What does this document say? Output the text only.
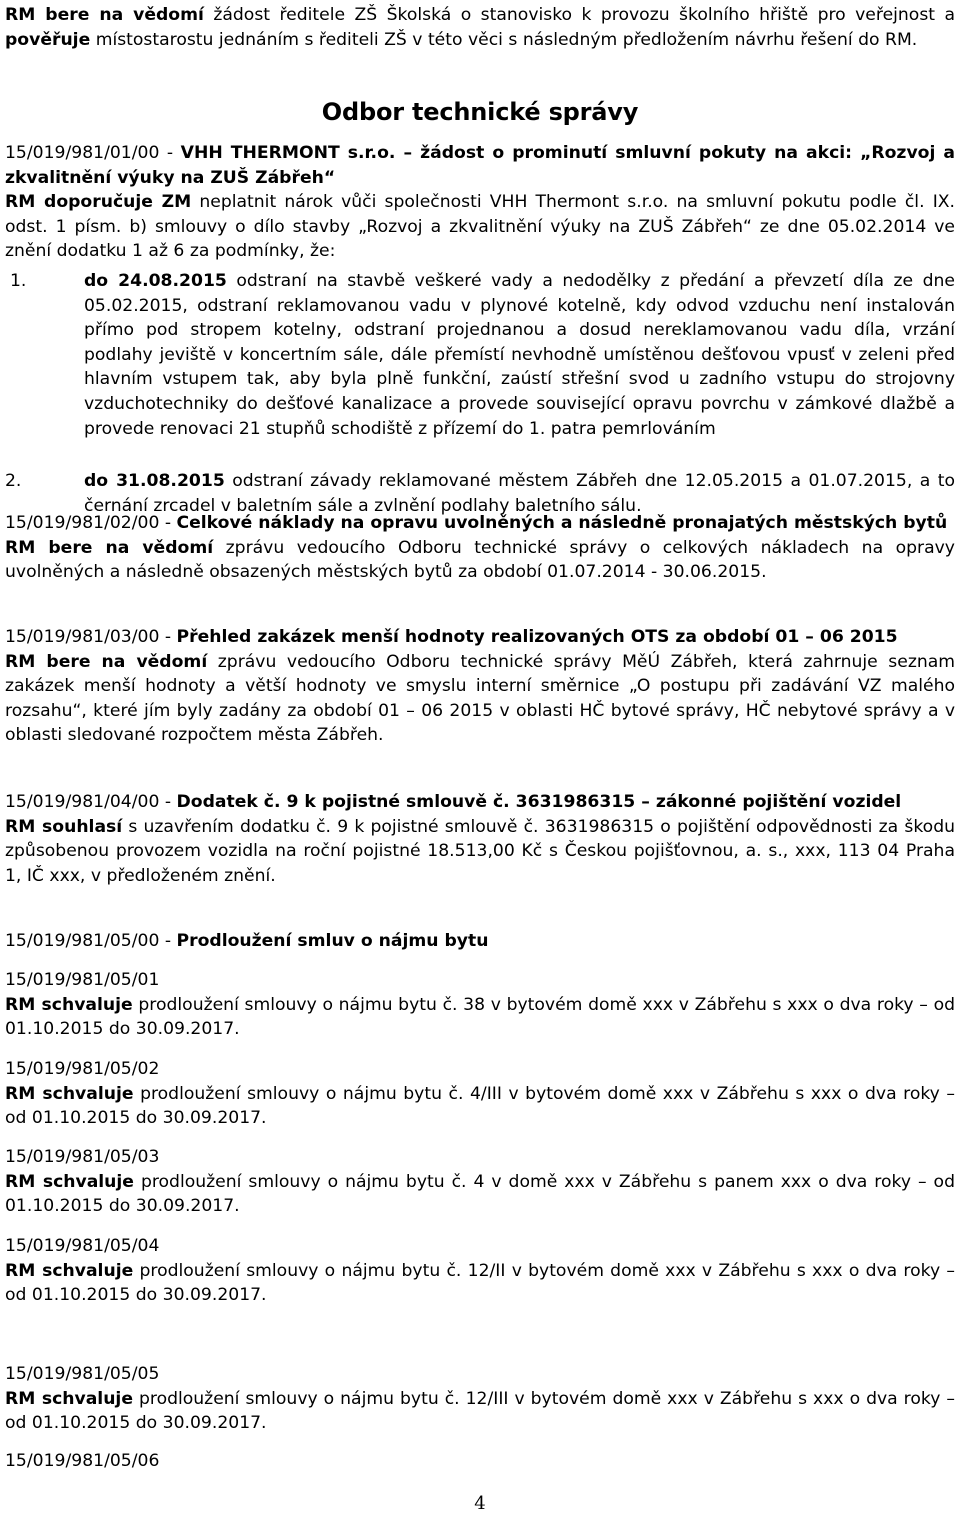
RM bere na vědomí žádost ředitele ZŠ Školská o stanovisko k provozu školního hřiště pro veřejnost a pověřuje místostarostu jednáním s řediteli ZŠ v této věci s následným předložením návrhu řešení do RM.
Odbor technické správy
15/019/981/01/00 - VHH THERMONT s.r.o. – žádost o prominutí smluvní pokuty na akci: „Rozvoj a zkvalitnění výuky na ZUŠ Zábřeh“
RM doporučuje ZM neplatnit nárok vůči společnosti VHH Thermont s.r.o. na smluvní pokutu podle čl. IX. odst. 1 písm. b) smlouvy o dílo stavby „Rozvoj a zkvalitnění výuky na ZUŠ Zábřeh“ ze dne 05.02.2014 ve znění dodatku 1 až 6 za podmínky, že:
1.	do 24.08.2015 odstraní na stavbě veškeré vady a nedodělky z předání a převzetí díla ze dne 05.02.2015, odstraní reklamovanou vadu v plynové kotelně, kdy odvod vzduchu není instalován přímo pod stropem kotelny, odstraní projednanou a dosud nereklamovanou vadu díla, vrzání podlahy jeviště v koncertním sále, dále přemístí nevhodně umístěnou dešťovou vpusť v zeleni před hlavním vstupem tak, aby byla plně funkční, zaústí střešní svod u zadního vstupu do strojovny vzduchotechniky do dešťové kanalizace a provede související opravu povrchu v zámkové dlažbě a provede renovaci 21 stupňů schodiště z přízemí do 1. patra pemrlováním
2.	do 31.08.2015 odstraní závady reklamované městem Zábřeh dne 12.05.2015 a 01.07.2015, a to černání zrcadel v baletním sále a zvlnění podlahy baletního sálu.
15/019/981/02/00 - Celkové náklady na opravu uvolněných a následně pronajatých městských bytů
RM bere na vědomí zprávu vedoucího Odboru technické správy o celkových nákladech na opravy uvolněných a následně obsazených městských bytů za období 01.07.2014 - 30.06.2015.
15/019/981/03/00 - Přehled zakázek menší hodnoty realizovaných OTS za období 01 – 06 2015
RM bere na vědomí zprávu vedoucího Odboru technické správy MěÚ Zábřeh, která zahrnuje seznam zakázek menší hodnoty a větší hodnoty ve smyslu interní směrnice „O postupu při zadávání VZ malého rozsahu“, které jím byly zadány za období 01 – 06 2015 v oblasti HČ bytové správy, HČ nebytové správy a v oblasti sledované rozpočtem města Zábřeh.
15/019/981/04/00 - Dodatek č. 9 k pojistné smlouvě č. 3631986315 – zákonné pojištění vozidel
RM souhlasí s uzavřením dodatku č. 9 k pojistné smlouvě č. 3631986315 o pojištění odpovědnosti za škodu způsobenou provozem vozidla na roční pojistné 18.513,00 Kč s Českou pojišťovnou, a. s., xxx, 113 04 Praha 1, IČ xxx, v předloženém znění.
15/019/981/05/00 - Prodloužení smluv o nájmu bytu
15/019/981/05/01
RM schvaluje prodloužení smlouvy o nájmu bytu č. 38 v bytovém domě xxx v Zábřehu s xxx o dva roky – od 01.10.2015 do 30.09.2017.
15/019/981/05/02
RM schvaluje prodloužení smlouvy o nájmu bytu č. 4/III v bytovém domě xxx v Zábřehu s xxx o dva roky – od 01.10.2015 do 30.09.2017.
15/019/981/05/03
RM schvaluje prodloužení smlouvy o nájmu bytu č. 4 v domě xxx v Zábřehu s panem xxx o dva roky – od 01.10.2015 do 30.09.2017.
15/019/981/05/04
RM schvaluje prodloužení smlouvy o nájmu bytu č. 12/II v bytovém domě xxx v Zábřehu s xxx o dva roky – od 01.10.2015 do 30.09.2017.
15/019/981/05/05
RM schvaluje prodloužení smlouvy o nájmu bytu č. 12/III v bytovém domě xxx v Zábřehu s xxx o dva roky – od 01.10.2015 do 30.09.2017.
15/019/981/05/06
4
